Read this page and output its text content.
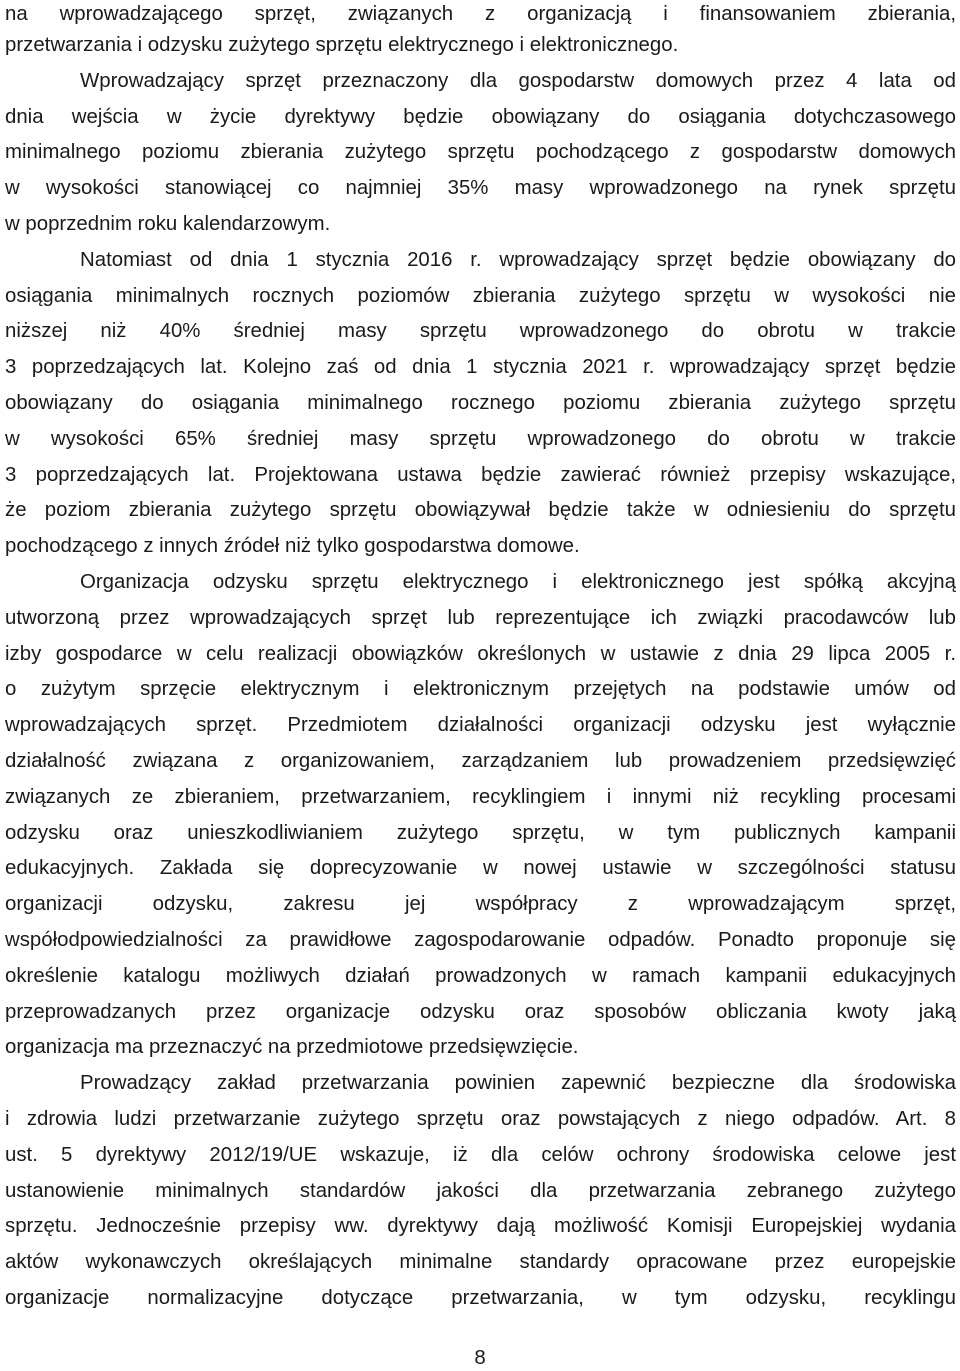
na wprowadzającego sprzęt, związanych z organizacją i finansowaniem zbierania,
przetwarzania i odzysku zużytego sprzętu elektrycznego i elektronicznego.
Wprowadzający sprzęt przeznaczony dla gospodarstw domowych przez 4 lata od
dnia wejścia w życie dyrektywy będzie obowiązany do osiągania dotychczasowego
minimalnego poziomu zbierania zużytego sprzętu pochodzącego z gospodarstw domowych
w wysokości stanowiącej co najmniej 35% masy wprowadzonego na rynek sprzętu
w poprzednim roku kalendarzowym.
Natomiast od dnia 1 stycznia 2016 r. wprowadzający sprzęt będzie obowiązany do
osiągania minimalnych rocznych poziomów zbierania zużytego sprzętu w wysokości nie
niższej niż 40% średniej masy sprzętu wprowadzonego do obrotu w trakcie
3 poprzedzających lat. Kolejno zaś od dnia 1 stycznia 2021 r. wprowadzający sprzęt będzie
obowiązany do osiągania minimalnego rocznego poziomu zbierania zużytego sprzętu
w wysokości 65% średniej masy sprzętu wprowadzonego do obrotu w trakcie
3 poprzedzających lat. Projektowana ustawa będzie zawierać również przepisy wskazujące,
że poziom zbierania zużytego sprzętu obowiązywał będzie także w odniesieniu do sprzętu
pochodzącego z innych źródeł niż tylko gospodarstwa domowe.
Organizacja odzysku sprzętu elektrycznego i elektronicznego jest spółką akcyjną
utworzoną przez wprowadzających sprzęt lub reprezentujące ich związki pracodawców lub
izby gospodarce w celu realizacji obowiązków określonych w ustawie z dnia 29 lipca 2005 r.
o zużytym sprzęcie elektrycznym i elektronicznym przejętych na podstawie umów od
wprowadzających sprzęt. Przedmiotem działalności organizacji odzysku jest wyłącznie
działalność związana z organizowaniem, zarządzaniem lub prowadzeniem przedsięwzięć
związanych ze zbieraniem, przetwarzaniem, recyklingiem i innymi niż recykling procesami
odzysku oraz unieszkodliwianiem zużytego sprzętu, w tym publicznych kampanii
edukacyjnych. Zakłada się doprecyzowanie w nowej ustawie w szczególności statusu
organizacji odzysku, zakresu jej współpracy z wprowadzającym sprzęt,
współodpowiedzialności za prawidłowe zagospodarowanie odpadów. Ponadto proponuje się
określenie katalogu możliwych działań prowadzonych w ramach kampanii edukacyjnych
przeprowadzanych przez organizacje odzysku oraz sposobów obliczania kwoty jaką
organizacja ma przeznaczyć na przedmiotowe przedsięwzięcie.
Prowadzący zakład przetwarzania powinien zapewnić bezpieczne dla środowiska
i zdrowia ludzi przetwarzanie zużytego sprzętu oraz powstających z niego odpadów. Art. 8
ust. 5 dyrektywy 2012/19/UE wskazuje, iż dla celów ochrony środowiska celowe jest
ustanowienie minimalnych standardów jakości dla przetwarzania zebranego zużytego
sprzętu. Jednocześnie przepisy ww. dyrektywy dają możliwość Komisji Europejskiej wydania
aktów wykonawczych określających minimalne standardy opracowane przez europejskie
organizacje normalizacyjne dotyczące przetwarzania, w tym odzysku, recyklingu
8
